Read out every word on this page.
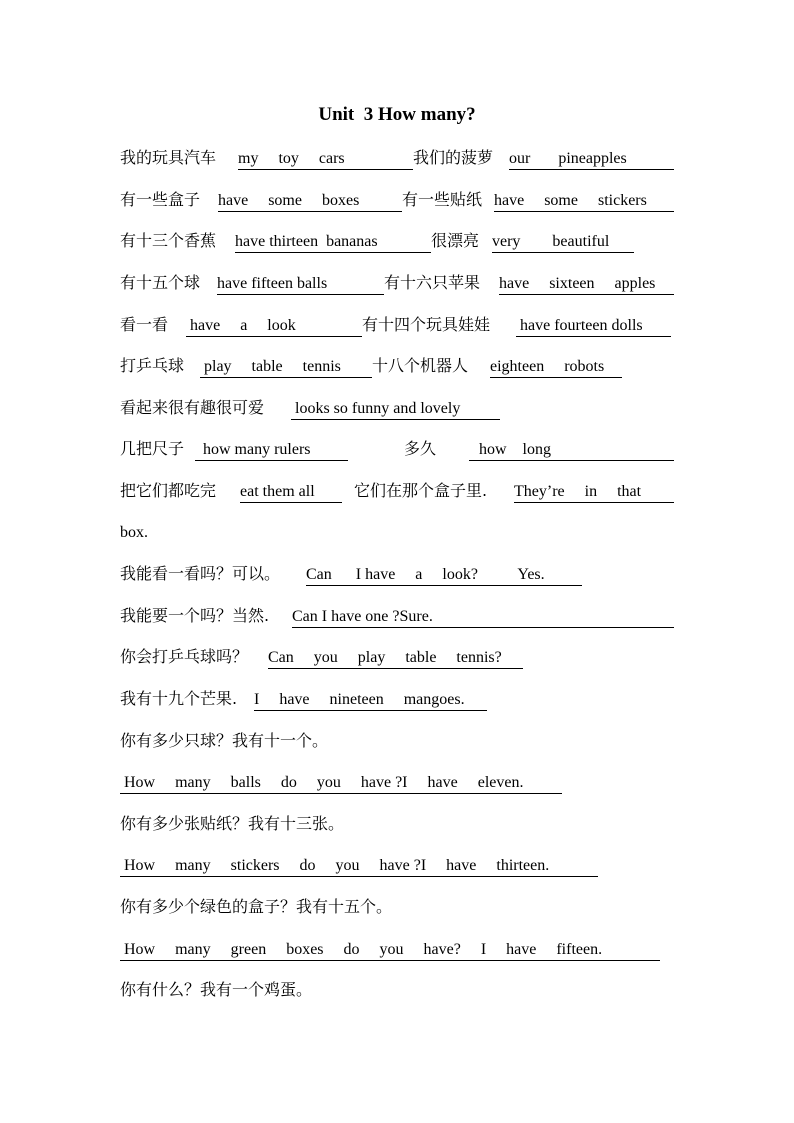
Unit  3 How many?
我的玩具汽车 my     toy     cars	我们的菠萝 our       pineapples
有一些盒子 have     some     boxes	有一些贴纸 have     some     stickers
有十三个香蕉 have thirteen  bananas	很漂亮 very        beautiful
有十五个球 have fifteen balls	有十六只苹果 have     sixteen     apples
看一看 have     a     look	有十四个玩具娃娃 have fourteen dolls
打乒乓球 play     table     tennis	十八个机器人 eighteen     robots
看起来很有趣很可爱 looks so funny and lovely
几把尺子 how many rulers	多久	how    long
把它们都吃完 eat them all	它们在那个盒子里. They’re     in     that
box.
我能看一看吗？可以。 Can      I have     a     look?          Yes.
我能要一个吗？当然. Can I have one ?Sure.
你会打乒乓球吗？ Can     you     play     table     tennis?
我有十九个芒果. I     have     nineteen     mangoes.
你有多少只球？我有十一个。
How     many     balls     do     you     have ?I     have     eleven.
你有多少张贴纸？我有十三张。
How     many     stickers     do     you     have ?I     have     thirteen.
你有多少个绿色的盒子？我有十五个。
How     many     green     boxes     do     you     have?     I     have     fifteen.
你有什么？我有一个鸡蛋。
